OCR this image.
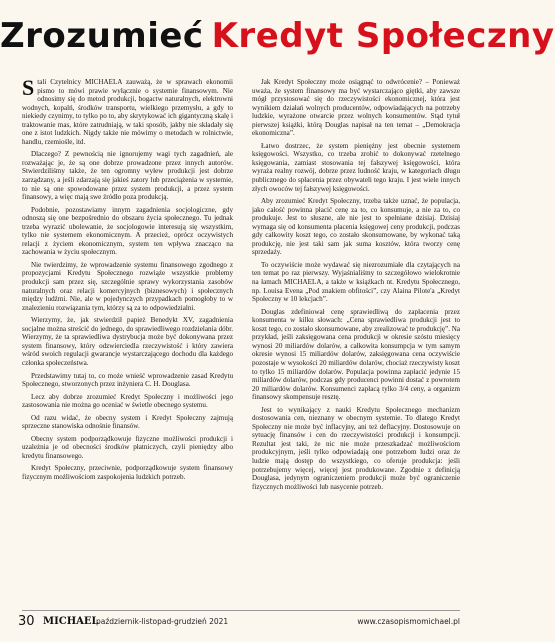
Zrozumieć Kredyt Społeczny

Stali Czytelnicy MICHAELA zauważą, że w sprawach ekonomii pismo to mówi prawie wyłącznie o systemie finansowym. Nie odnosimy się do metod produkcji, bogactw naturalnych, elektrowni wodnych, kopalń, środków transportu, wielkiego przemysłu, a gdy to niekiedy czynimy, to tylko po to, aby skrytykować ich gigantyczną skalę i traktowanie mas, które zatrudniają, w taki sposób, jakby nie składały się one z istot ludzkich. Nigdy także nie mówimy o metodach w rolnictwie, handlu, rzemiośle, itd.

Dlaczego? Z pewnością nie ignorujemy wagi tych zagadnień, ale rozważając je, że są one dobrze prowadzone przez innych autorów. Stwierdziliśmy także, że ten ogromny wyłew produkcji jest dobrze zarządzany, a jeśli zdarzają się jakieś zatory lub przeciążenia w systemie, to nie są one spowodowane przez system produkcji, a przez system finansowy, a więc mają swe źródło poza produkcją.

Podobnie, pozostawiamy innym zagadnienia socjologiczne, gdy odnoszą się one bezpośrednio do obszaru życia społecznego. Tu jednak trzeba wyrazić ubolewanie, że socjologowie interesują się wszystkim, tylko nie systemem ekonomicznym. A przecież, oprócz oczywistych relacji z życiem ekonomicznym, system ten wpływa znacząco na zachowania w życiu społecznym.

Nie twierdzimy, że wprowadzenie systemu finansowego zgodnego z propozycjami Kredytu Społecznego rozwiąże wszystkie problemy produkcji sam przez się, szczególnie sprawy wykorzystania zasobów naturalnych oraz relacji komercyjnych (biznesowych) i społecznych między ludźmi. Nie, ale w pojedynczych przypadkach pomogłoby to w znalezieniu rozwiązania tym, którzy są za to odpowiedzialni.

Wierzymy, że, jak stwierdził papież Benedykt XV, zagadnienia socjalne można streścić do jednego, do sprawiedliwego rozdzielania dóbr. Wierzymy, że ta sprawiedliwa dystrybucja może być dokonywana przez system finansowy, który odzwierciedla rzeczywistość i który zawiera wśród swoich regulacji gwarancje wystarczającego dochodu dla każdego członka społeczeństwa.

Przedstawimy tutaj to, co może wnieść wprowadzenie zasad Kredytu Społecznego, stworzonych przez inżyniera C. H. Douglasa.

Lecz aby dobrze zrozumieć Kredyt Społeczny i możliwości jego zastosowania nie można go oceniać w świetle obecnego systemu.

Od razu widać, że obecny system i Kredyt Społeczny zajmują sprzeczne stanowiska odnośnie finansów.

Obecny system podporządkowuje fizyczne możliwości produkcji i uzależnia je od obecności środków płatniczych, czyli pieniędzy albo kredytu finansowego.

Kredyt Społeczny, przeciwnie, podporządkowuje system finansowy fizycznym możliwościom zaspokojenia ludzkich potrzeb.

Jak Kredyt Społeczny może osiągnąć to odwrócenie? – Ponieważ uważa, że system finansowy ma być wystarczająco giętki, aby zawsze mógł przystosować się do rzeczywistości ekonomicznej, która jest wynikiem działań wolnych producentów, odpowiadających na potrzeby ludzkie, wyrażone otwarcie przez wolnych konsumentów. Stąd tytuł pierwszej książki, którą Douglas napisał na ten temat – „Demokracja ekonomiczna”.

Łatwo dostrzec, że system pieniężny jest obecnie systemem księgowości. Wszystko, co trzeba zrobić to dokonywać rzetelnego księgowania, zamiast stosowania tej fałszywej księgowości, która wyraża realny rozwój, dobrze przez ludność kraju, w kategoriach długu publicznego do spłacenia przez obywateli tego kraju. I jest wiele innych złych owoców tej fałszywej księgowości.

Aby zrozumieć Kredyt Społeczny, trzeba także uznać, że populacja, jako całość powinna płacić cenę za to, co konsumuje, a nie za to, co produkuje. Jest to słuszne, ale nie jest to spełniane dzisiaj. Dzisiaj wymaga się od konsumenta płacenia księgowej ceny produkcji, podczas gdy całkowity koszt tego, co zostało skonsumowane, by wykonać taką produkcję, nie jest taki sam jak suma kosztów, która tworzy cenę sprzedaży.

To oczywiście może wydawać się niezrozumiałe dla czytających na ten temat po raz pierwszy. Wyjaśnialiśmy to szczegółowo wielokrotnie na łamach MICHAELA, a także w książkach nt. Kredytu Społecznego, np. Louisa Evena „Pod znakiem obfitości”, czy Alaina Pilote'a „Kredyt Społeczny w 10 lekcjach”.

Douglas zdefiniował cenę sprawiedliwą do zapłacenia przez konsumenta w kilku słowach: „Cena sprawiedliwa produkcji jest to koszt tego, co zostało skonsumowane, aby zrealizować te produkcję”. Na przykład, jeśli zaksięgowana cena produkcji w okresie szóstu miesięcy wynosi 20 miliardów dolarów, a całkowita konsumpcja w tym samym okresie wynosi 15 miliardów dolarów, zaksięgowana cena oczywiście pozostaje w wysokości 20 miliardów dolarów, chociaż rzeczywisty koszt to tylko 15 miliardów dolarów. Populacja powinna zapłacić jedynie 15 miliardów dolarów, podczas gdy producenci powinni dostać z powrotem 20 miliardów dolarów. Konsumenci zapłacą tylko 3/4 ceny, a organizm finansowy skompensuje resztę.

Jest to wynikający z nauki Kredytu Społecznego mechanizm dostosowania cen, nieznany w obecnym systemie. To dlatego Kredyt Społeczny nie może być inflacyjny, ani też deflacyjny. Dostosowuje on sytuację finansów i cen do rzeczywistości produkcji i konsumpcji. Rezultat jest taki, że nic nie może przeszkadzać możliwościom produkcyjnym, jeśli tylko odpowiadają one potrzebom ludzi oraz że ludzie mają dostęp do wszystkiego, co oferuje produkcja: jeśli potrzebujemy więcej, więcej jest produkowane. Zgodnie z definicją Douglasa, jedynym ograniczeniem produkcji może być ograniczenie fizycznych możliwości lub nasycenie potrzeb.

30 MICHAEL
październik-listopad-grudzień 2021	www.czasopismomichael.pl
